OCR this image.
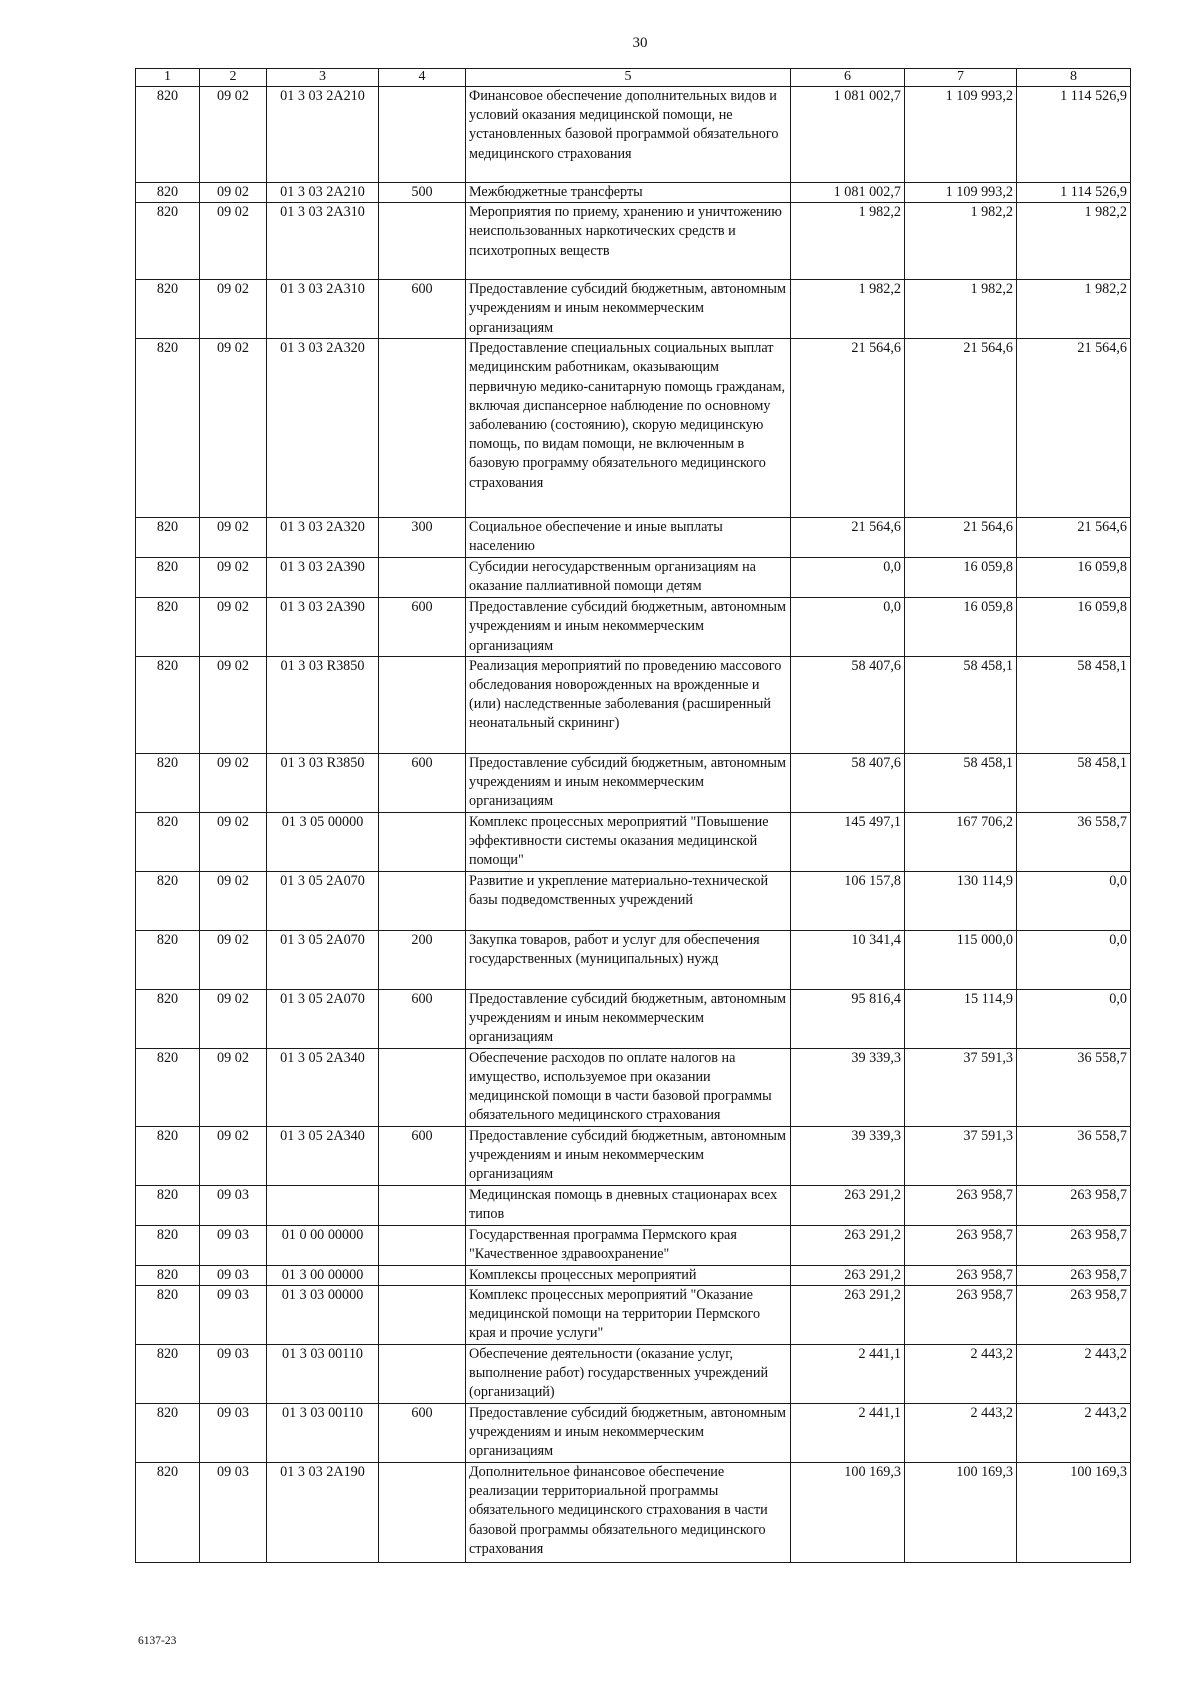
30
1	2	3	4	5	6	7	8
820	09 02	01 3 03 2А210		Финансовое обеспечение дополнительных видов и условий оказания медицинской помощи, не установленных базовой программой обязательного медицинского страхования	1 081 002,7	1 109 993,2	1 114 526,9
820	09 02	01 3 03 2А210	500	Межбюджетные трансферты	1 081 002,7	1 109 993,2	1 114 526,9
820	09 02	01 3 03 2А310		Мероприятия по приему, хранению и уничтожению неиспользованных наркотических средств и психотропных веществ	1 982,2	1 982,2	1 982,2
820	09 02	01 3 03 2А310	600	Предоставление субсидий бюджетным, автономным учреждениям и иным некоммерческим организациям	1 982,2	1 982,2	1 982,2
820	09 02	01 3 03 2А320		Предоставление специальных социальных выплат медицинским работникам, оказывающим первичную медико-санитарную помощь гражданам, включая диспансерное наблюдение по основному заболеванию (состоянию), скорую медицинскую помощь, по видам помощи, не включенным в базовую программу обязательного медицинского страхования	21 564,6	21 564,6	21 564,6
820	09 02	01 3 03 2А320	300	Социальное обеспечение и иные выплаты населению	21 564,6	21 564,6	21 564,6
820	09 02	01 3 03 2А390		Субсидии негосударственным организациям на оказание паллиативной помощи детям	0,0	16 059,8	16 059,8
820	09 02	01 3 03 2А390	600	Предоставление субсидий бюджетным, автономным учреждениям и иным некоммерческим организациям	0,0	16 059,8	16 059,8
820	09 02	01 3 03 R3850		Реализация мероприятий по проведению массового обследования новорожденных на врожденные и (или) наследственные заболевания (расширенный неонатальный скрининг)	58 407,6	58 458,1	58 458,1
820	09 02	01 3 03 R3850	600	Предоставление субсидий бюджетным, автономным учреждениям и иным некоммерческим организациям	58 407,6	58 458,1	58 458,1
820	09 02	01 3 05 00000		Комплекс процессных мероприятий "Повышение эффективности системы оказания медицинской помощи"	145 497,1	167 706,2	36 558,7
820	09 02	01 3 05 2А070		Развитие и укрепление материально-технической базы подведомственных учреждений	106 157,8	130 114,9	0,0
820	09 02	01 3 05 2А070	200	Закупка товаров, работ и услуг для обеспечения государственных (муниципальных) нужд	10 341,4	115 000,0	0,0
820	09 02	01 3 05 2А070	600	Предоставление субсидий бюджетным, автономным учреждениям и иным некоммерческим организациям	95 816,4	15 114,9	0,0
820	09 02	01 3 05 2А340		Обеспечение расходов по оплате налогов на имущество, используемое при оказании медицинской помощи в части базовой программы обязательного медицинского страхования	39 339,3	37 591,3	36 558,7
820	09 02	01 3 05 2А340	600	Предоставление субсидий бюджетным, автономным учреждениям и иным некоммерческим организациям	39 339,3	37 591,3	36 558,7
820	09 03			Медицинская помощь в дневных стационарах всех типов	263 291,2	263 958,7	263 958,7
820	09 03	01 0 00 00000		Государственная программа Пермского края "Качественное здравоохранение"	263 291,2	263 958,7	263 958,7
820	09 03	01 3 00 00000		Комплексы процессных мероприятий	263 291,2	263 958,7	263 958,7
820	09 03	01 3 03 00000		Комплекс процессных мероприятий "Оказание медицинской помощи на территории Пермского края и прочие услуги"	263 291,2	263 958,7	263 958,7
820	09 03	01 3 03 00110		Обеспечение деятельности (оказание услуг, выполнение работ) государственных учреждений (организаций)	2 441,1	2 443,2	2 443,2
820	09 03	01 3 03 00110	600	Предоставление субсидий бюджетным, автономным учреждениям и иным некоммерческим организациям	2 441,1	2 443,2	2 443,2
820	09 03	01 3 03 2А190		Дополнительное финансовое обеспечение реализации территориальной программы обязательного медицинского страхования в части базовой программы обязательного медицинского страхования	100 169,3	100 169,3	100 169,3
6137-23
